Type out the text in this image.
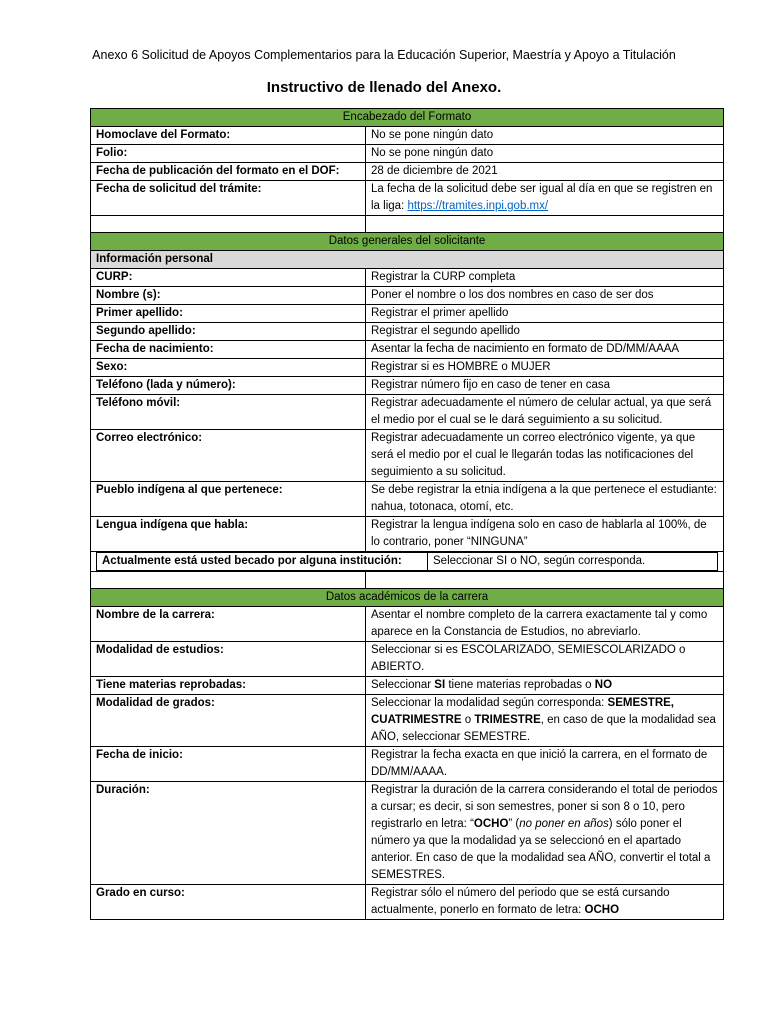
Anexo 6 Solicitud de Apoyos Complementarios para la Educación Superior, Maestría y Apoyo a Titulación
Instructivo de llenado del Anexo.
Encabezado del Formato
Homoclave del Formato:	No se pone ningún dato
Folio:	No se pone ningún dato
Fecha de publicación del formato en el DOF:	28 de diciembre de 2021
Fecha de solicitud del trámite:	La fecha de la solicitud debe ser igual al día en que se registren en la liga: https://tramites.inpi.gob.mx/

Datos generales del solicitante
Información personal
CURP:	Registrar la CURP completa
Nombre (s):	Poner el nombre o los dos nombres en caso de ser dos
Primer apellido:	Registrar el primer apellido
Segundo apellido:	Registrar el segundo apellido
Fecha de nacimiento:	Asentar la fecha de nacimiento en formato de DD/MM/AAAA
Sexo:	Registrar si es HOMBRE o MUJER
Teléfono (lada y número):	Registrar número fijo en caso de tener en casa
Teléfono móvil:	Registrar adecuadamente el número de celular actual, ya que será el medio por el cual se le dará seguimiento a su solicitud.
Correo electrónico:	Registrar adecuadamente un correo electrónico vigente, ya que será el medio por el cual le llegarán todas las notificaciones del seguimiento a su solicitud.
Pueblo indígena al que pertenece:	Se debe registrar la etnia indígena a la que pertenece el estudiante: nahua, totonaca, otomí, etc.
Lengua indígena que habla:	Registrar la lengua indígena solo en caso de hablarla al 100%, de lo contrario, poner “NINGUNA”

Actualmente está usted becado por alguna institución:	Seleccionar SI o NO, según corresponda.

Datos académicos de la carrera
Nombre de la carrera:	Asentar el nombre completo de la carrera exactamente tal y como aparece en la Constancia de Estudios, no abreviarlo.
Modalidad de estudios:	Seleccionar si es ESCOLARIZADO, SEMIESCOLARIZADO o ABIERTO.
Tiene materias reprobadas:	Seleccionar SI tiene materias reprobadas o NO
Modalidad de grados:	Seleccionar la modalidad según corresponda: SEMESTRE, CUATRIMESTRE o TRIMESTRE, en caso de que la modalidad sea AÑO, seleccionar SEMESTRE.
Fecha de inicio:	Registrar la fecha exacta en que inició la carrera, en el formato de DD/MM/AAAA.
Duración:	Registrar la duración de la carrera considerando el total de periodos a cursar; es decir, si son semestres, poner si son 8 o 10, pero registrarlo en letra: “OCHO” (no poner en años) sólo poner el número ya que la modalidad ya se seleccionó en el apartado anterior. En caso de que la modalidad sea AÑO, convertir el total a SEMESTRES.
Grado en curso:	Registrar sólo el número del periodo que se está cursando actualmente, ponerlo en formato de letra: OCHO
